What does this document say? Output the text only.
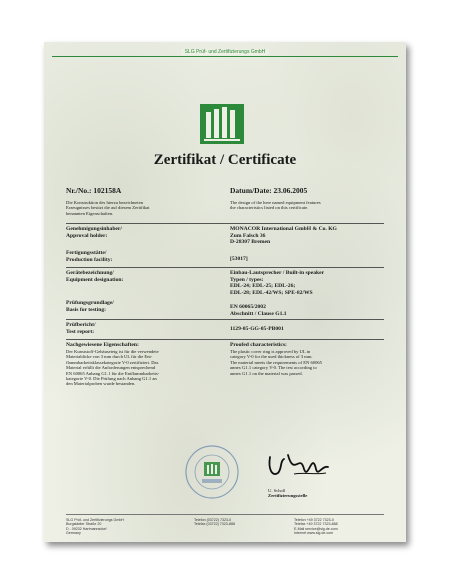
SLG Prüf- und Zertifizierungs GmbH
Zertifikat / Certificate
Nr./No.: 102158A	Datum/Date: 23.06.2005
Die Konstruktion des hierzu bezeichneten
Erzeugnisses besitzt die auf diesem Zertifikat
benannten Eigenschaften.
The design of the here named equipment features
the characteristics listed on this certificate.
Genehmigungsinhaber/
Approval holder:
MONACOR International GmbH & Co. KG
Zum Falsch 36
D-28307 Bremen
Fertigungsstätte/
Production facility:	[53017]
Gerätebezeichnung/
Equipment designation:
Einbau-Lautsprecher / Built-in speaker
Typen / types:
EDL-24; EDL-25; EDL-26;
EDL-28; EDL-42/WS; SPE-82/WS
Prüfungsgrundlage/
Basis for testing:	EN 60065/2002
Abschnitt / Clause G1.1
Prüfbericht/
Test report:	1129-05-GG-05-PB001
Nachgewiesene Eigenschaften:	Proofed characteristics:
Der Kunststoff-Gehäuseteig ist für die verwendete
Materialdicke von 3 mm durch UL für die Ent-
flammbarkeitsklassekategorie V-0 zertifiziert. Das
Material erfüllt die Anforderungen entsprechend
EN 60065 Anhang G1.1 für die Entflammbarkeits-
kategorie V-0. Die Prüfung nach Anhang G1.1 an
den Materialproben wurde bestanden.
The plastic cover ring is approved by UL in
category V-0 for the used thickness of 3 mm.
The material meets the requirements of EN 60065
annex G1.1 category V-0. The test according to
annex G1.1 on the material was passed.
U. Scholl
Zertifizierungsstelle
SLG Prüf- und Zertifizierungs GmbH
Burgstädter Straße 20
D - 09232 Hartmannsdorf
Germany
Telefon (03722) 7323-0
Telefax (03722) 7323-888
Telefon +49 3722 7323-0
Telefax +49 3722 7323-888
E-Mail service@slg.de.com
Internet www.slg.de.com
